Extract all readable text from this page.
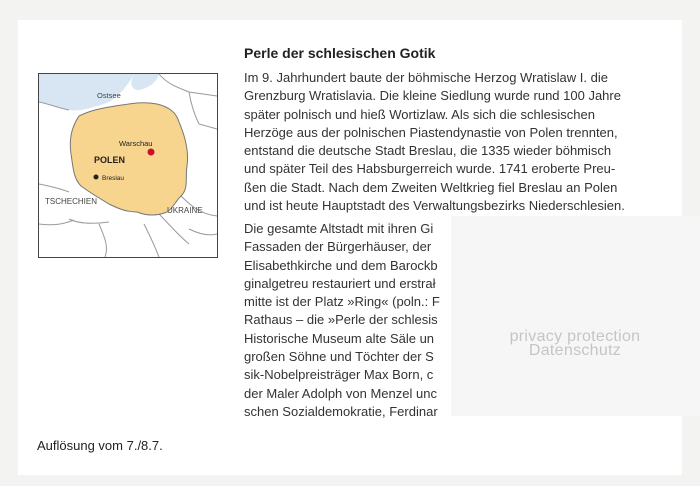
Ostsee
Warschau
POLEN
Breslau
TSCHECHIEN
UKRAINE
Perle der schlesischen Gotik
Im 9. Jahrhundert baute der böhmische Herzog Wratislaw I. die
Grenzburg Wratislavia. Die kleine Siedlung wurde rund 100 Jahre
später polnisch und hieß Wortizlaw. Als sich die schlesischen
Herzöge aus der polnischen Piastendynastie von Polen trennten,
entstand die deutsche Stadt Breslau, die 1335 wieder böhmisch
und später Teil des Habsburgerreich wurde. 1741 eroberte Preu-
ßen die Stadt. Nach dem Zweiten Weltkrieg fiel Breslau an Polen
und ist heute Hauptstadt des Verwaltungsbezirks Niederschlesien.
Die gesamte Altstadt mit ihren Gi
Fassaden der Bürgerhäuser, der
Elisabethkirche und dem Barockb
ginalgetreu restauriert und erstrał
mitte ist der Platz »Ring« (poln.: F
Rathaus – die »Perle der schlesis
Historische Museum alte Säle un
großen Söhne und Töchter der S
sik-Nobelpreisträger Max Born, c
der Maler Adolph von Menzel unc
schen Sozialdemokratie, Ferdinar
privacy protection
Datenschutz
Auflösung vom 7./8.7.
